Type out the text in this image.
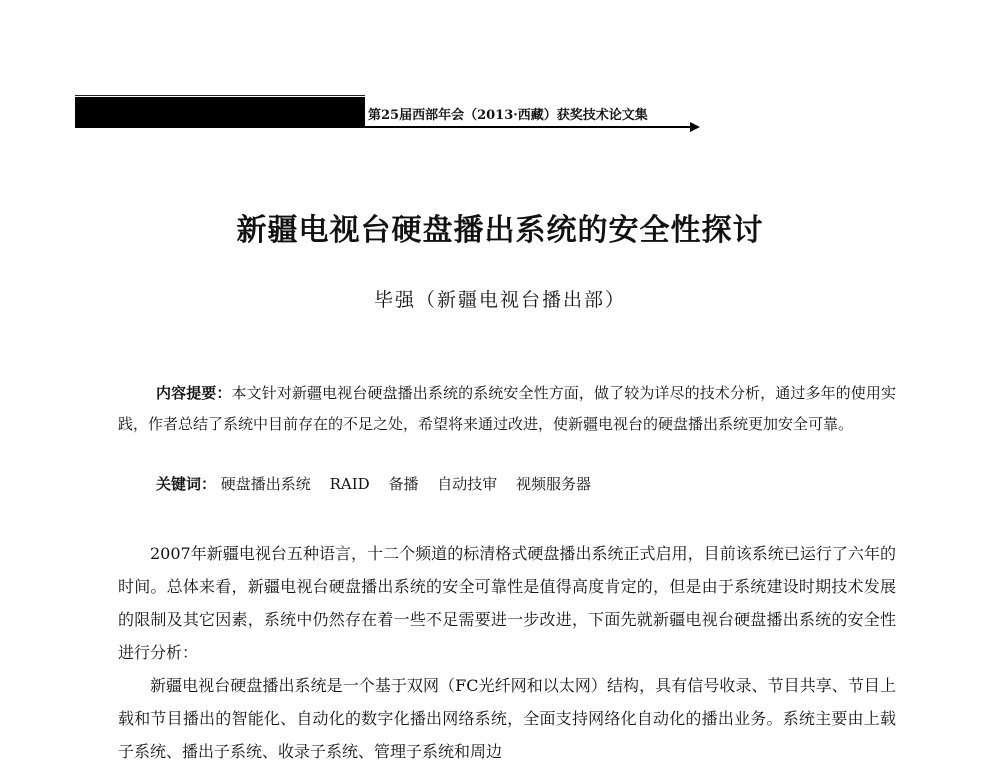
第25届西部年会（2013·西藏）获奖技术论文集
新疆电视台硬盘播出系统的安全性探讨
毕强（新疆电视台播出部）
内容提要：本文针对新疆电视台硬盘播出系统的系统安全性方面，做了较为详尽的技术分析，通过多年的使用实践，作者总结了系统中目前存在的不足之处，希望将来通过改进，使新疆电视台的硬盘播出系统更加安全可靠。
关键词： 硬盘播出系统 RAID 备播 自动技审 视频服务器

2007年新疆电视台五种语言，十二个频道的标清格式硬盘播出系统正式启用，目前该系统已运行了六年的时间。总体来看，新疆电视台硬盘播出系统的安全可靠性是值得高度肯定的，但是由于系统建设时期技术发展的限制及其它因素，系统中仍然存在着一些不足需要进一步改进，下面先就新疆电视台硬盘播出系统的安全性进行分析：

新疆电视台硬盘播出系统是一个基于双网（FC光纤网和以太网）结构，具有信号收录、节目共享、节目上载和节目播出的智能化、自动化的数字化播出网络系统，全面支持网络化自动化的播出业务。系统主要由上载子系统、播出子系统、收录子系统、管理子系统和周边
